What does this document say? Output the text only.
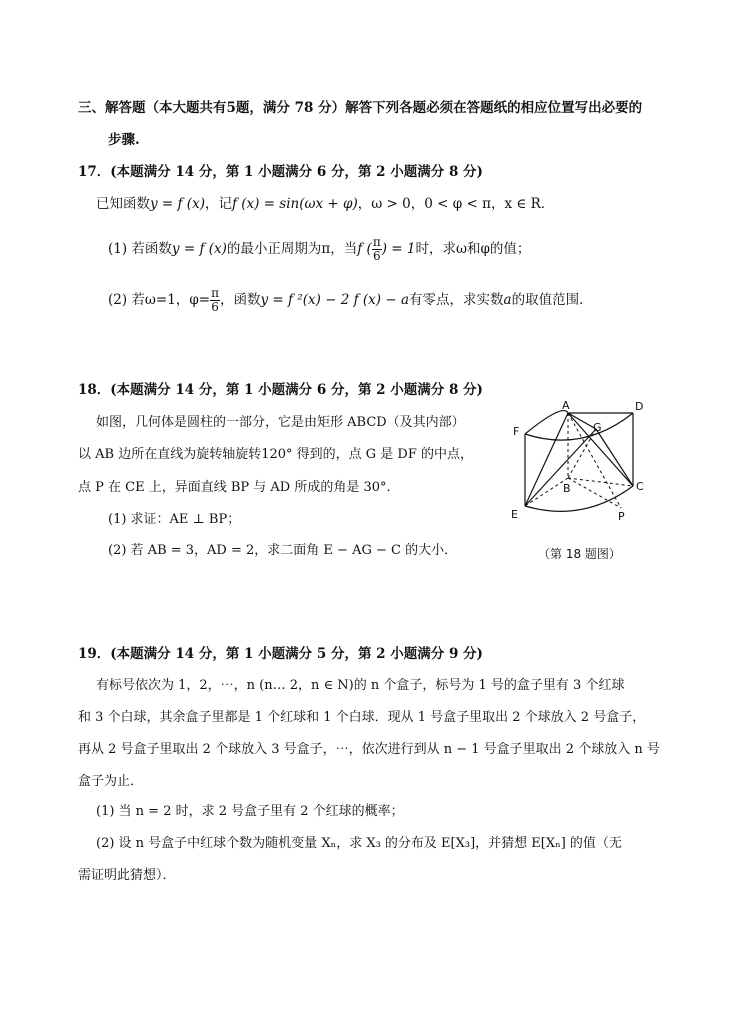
三、解答题（本大题共有5题，满分 78 分）解答下列各题必须在答题纸的相应位置写出必要的
步骤.
17．(本题满分 14 分，第 1 小题满分 6 分，第 2 小题满分 8 分)
已知函数y = f (x)，记f (x) = sin(ωx + φ)，ω > 0，0 < φ < π，x ∈ R．
(1) 若函数y = f (x)的最小正周期为π，当f ( $\frac{\pi}{6}$ ) = 1时，求ω和φ的值；
(2) 若ω=1，$\varphi= \frac{\pi}{6}$ ，函数y = f ²(x) − 2 f (x) − a有零点，求实数a的取值范围．
18．(本题满分 14 分，第 1 小题满分 6 分，第 2 小题满分 8 分)
如图，几何体是圆柱的一部分，它是由矩形 ABCD（及其内部）
以 AB 边所在直线为旋转轴旋转120° 得到的，点 G 是 DF 的中点，
点 P 在 CE 上，异面直线 BP 与 AD 所成的角是 30°．
(1) 求证：AE ⊥ BP；
(2) 若 AB = 3，AD = 2，求二面角 E − AG − C 的大小．
A	D
F	G
B	C
E	P
（第 18 题图）
19．(本题满分 14 分，第 1 小题满分 5 分，第 2 小题满分 9 分)
有标号依次为 1，2，⋯，n (n… 2，n ∈ N)的 n 个盒子，标号为 1 号的盒子里有 3 个红球
和 3 个白球，其余盒子里都是 1 个红球和 1 个白球．现从 1 号盒子里取出 2 个球放入 2 号盒子，
再从 2 号盒子里取出 2 个球放入 3 号盒子，⋯，依次进行到从 n − 1 号盒子里取出 2 个球放入 n 号
盒子为止．
(1) 当 n = 2 时，求 2 号盒子里有 2 个红球的概率；
(2) 设 n 号盒子中红球个数为随机变量 Xₙ，求 X₃ 的分布及 E[X₃]，并猜想 E[Xₙ] 的值（无
需证明此猜想）．
